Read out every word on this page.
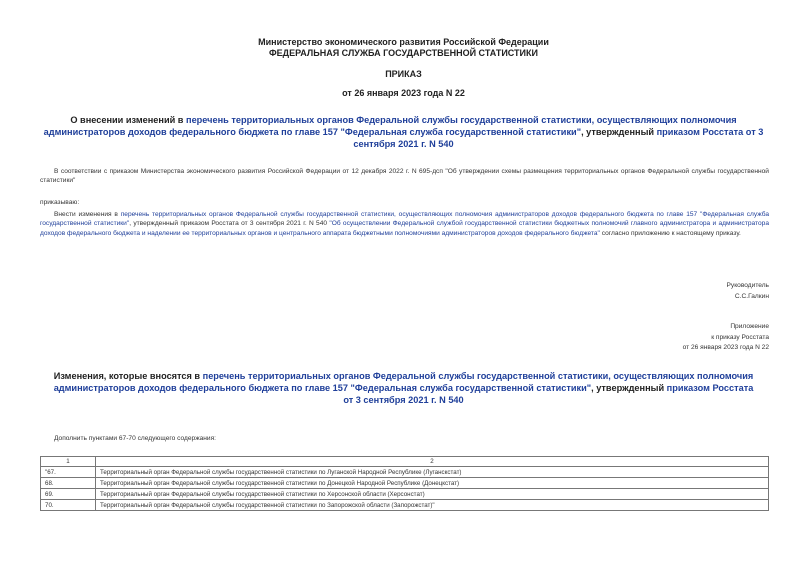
Министерство экономического развития Российской Федерации
ФЕДЕРАЛЬНАЯ СЛУЖБА ГОСУДАРСТВЕННОЙ СТАТИСТИКИ
ПРИКАЗ
от 26 января 2023 года N 22
О внесении изменений в перечень территориальных органов Федеральной службы государственной статистики, осуществляющих полномочия администраторов доходов федерального бюджета по главе 157 "Федеральная служба государственной статистики", утвержденный приказом Росстата от 3 сентября 2021 г. N 540
В соответствии с приказом Министерства экономического развития Российской Федерации от 12 декабря 2022 г. N 695-дсп "Об утверждении схемы размещения территориальных органов Федеральной службы государственной статистики"
приказываю:
Внести изменения в перечень территориальных органов Федеральной службы государственной статистики, осуществляющих полномочия администраторов доходов федерального бюджета по главе 157 "Федеральная служба государственной статистики", утвержденный приказом Росстата от 3 сентября 2021 г. N 540 "Об осуществлении Федеральной службой государственной статистики бюджетных полномочий главного администратора и администратора доходов федерального бюджета и наделении ее территориальных органов и центрального аппарата бюджетными полномочиями администраторов доходов федерального бюджета" согласно приложению к настоящему приказу.
Руководитель
С.С.Галкин
Приложение
к приказу Росстата
от 26 января 2023 года N 22
Изменения, которые вносятся в перечень территориальных органов Федеральной службы государственной статистики, осуществляющих полномочия администраторов доходов федерального бюджета по главе 157 "Федеральная служба государственной статистики", утвержденный приказом Росстата от 3 сентября 2021 г. N 540
Дополнить пунктами 67-70 следующего содержания:
1	2
"67.	Территориальный орган Федеральной службы государственной статистики по Луганской Народной Республике (Луганскстат)
68.	Территориальный орган Федеральной службы государственной статистики по Донецкой Народной Республике (Донецкстат)
69.	Территориальный орган Федеральной службы государственной статистики по Херсонской области (Херсонстат)
70.	Территориальный орган Федеральной службы государственной статистики по Запорожской области (Запорожстат)"
